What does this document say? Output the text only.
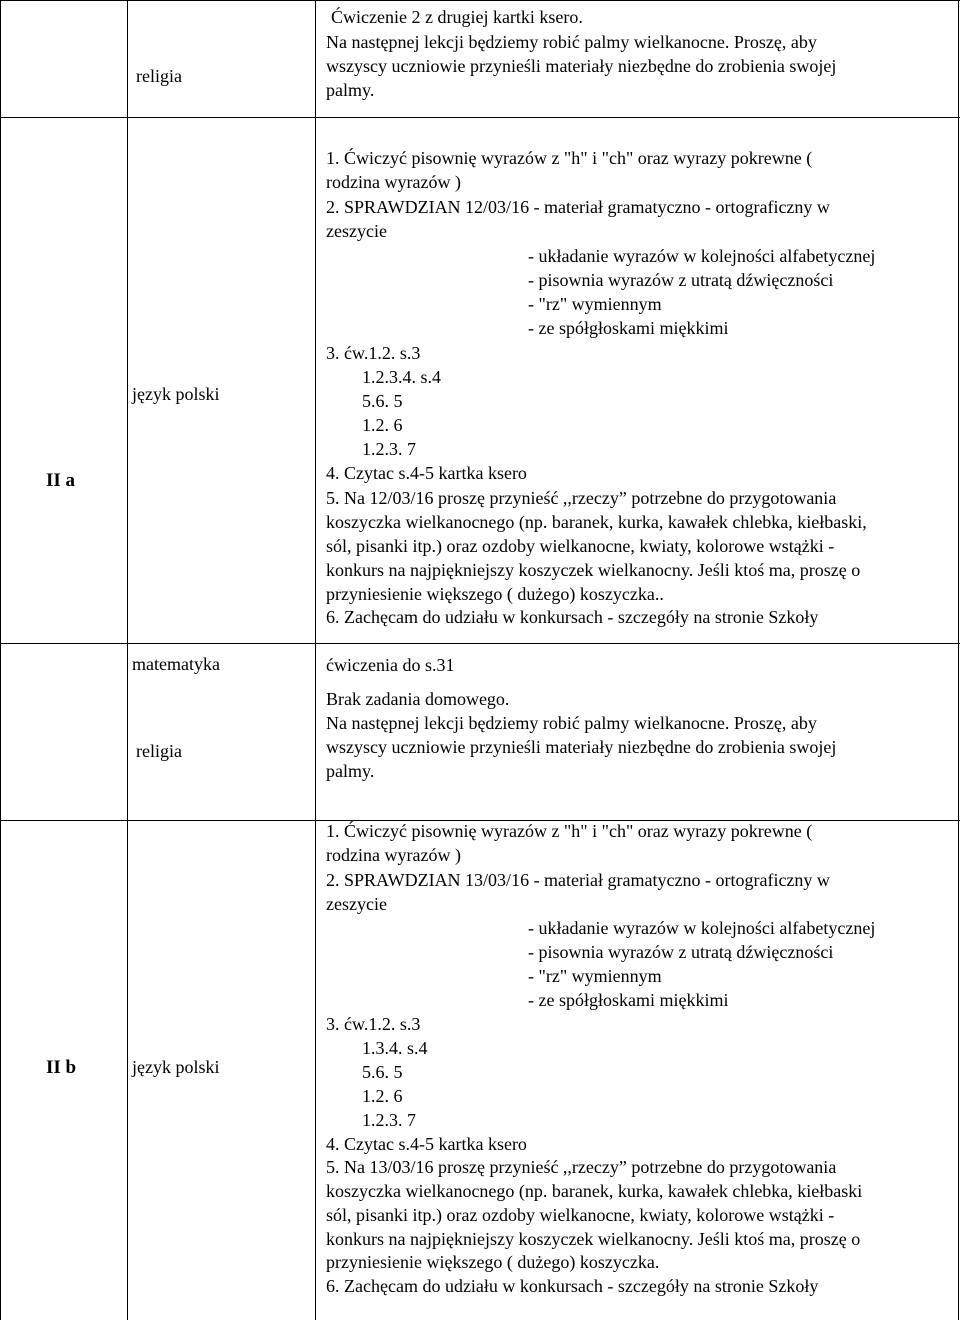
II a
II b
religia
język polski
matematyka
religia
język polski
Ćwiczenie 2 z drugiej kartki ksero.
Na następnej lekcji będziemy robić palmy wielkanocne. Proszę, aby
wszyscy uczniowie przynieśli materiały niezbędne do zrobienia swojej
palmy.
1. Ćwiczyć pisownię wyrazów z "h" i "ch" oraz wyrazy pokrewne (
rodzina wyrazów )
2. SPRAWDZIAN 12/03/16 - materiał gramatyczno - ortograficzny w
zeszycie
- układanie wyrazów w kolejności alfabetycznej
- pisownia wyrazów z utratą dźwięczności
- "rz" wymiennym
- ze spółgłoskami miękkimi
3. ćw.1.2. s.3
1.2.3.4. s.4
5.6. 5
1.2. 6
1.2.3. 7
4. Czytac s.4-5 kartka ksero
5. Na 12/03/16 proszę przynieść ,,rzeczy” potrzebne do przygotowania
koszyczka wielkanocnego (np. baranek, kurka, kawałek chlebka, kiełbaski,
sól, pisanki itp.) oraz ozdoby wielkanocne, kwiaty, kolorowe wstążki -
konkurs na najpiękniejszy koszyczek wielkanocny. Jeśli ktoś ma, proszę o
przyniesienie większego ( dużego) koszyczka..
6. Zachęcam do udziału w konkursach - szczegóły na stronie Szkoły
ćwiczenia do s.31
Brak zadania domowego.
Na następnej lekcji będziemy robić palmy wielkanocne. Proszę, aby
wszyscy uczniowie przynieśli materiały niezbędne do zrobienia swojej
palmy.
1. Ćwiczyć pisownię wyrazów z "h" i "ch" oraz wyrazy pokrewne (
rodzina wyrazów )
2. SPRAWDZIAN 13/03/16 - materiał gramatyczno - ortograficzny w
zeszycie
- układanie wyrazów w kolejności alfabetycznej
- pisownia wyrazów z utratą dźwięczności
- "rz" wymiennym
- ze spółgłoskami miękkimi
3. ćw.1.2. s.3
1.3.4. s.4
5.6. 5
1.2. 6
1.2.3. 7
4. Czytac s.4-5 kartka ksero
5. Na 13/03/16 proszę przynieść ,,rzeczy” potrzebne do przygotowania
koszyczka wielkanocnego (np. baranek, kurka, kawałek chlebka, kiełbaski
sól, pisanki itp.) oraz ozdoby wielkanocne, kwiaty, kolorowe wstążki -
konkurs na najpiękniejszy koszyczek wielkanocny. Jeśli ktoś ma, proszę o
przyniesienie większego ( dużego) koszyczka.
6. Zachęcam do udziału w konkursach - szczegóły na stronie Szkoły
